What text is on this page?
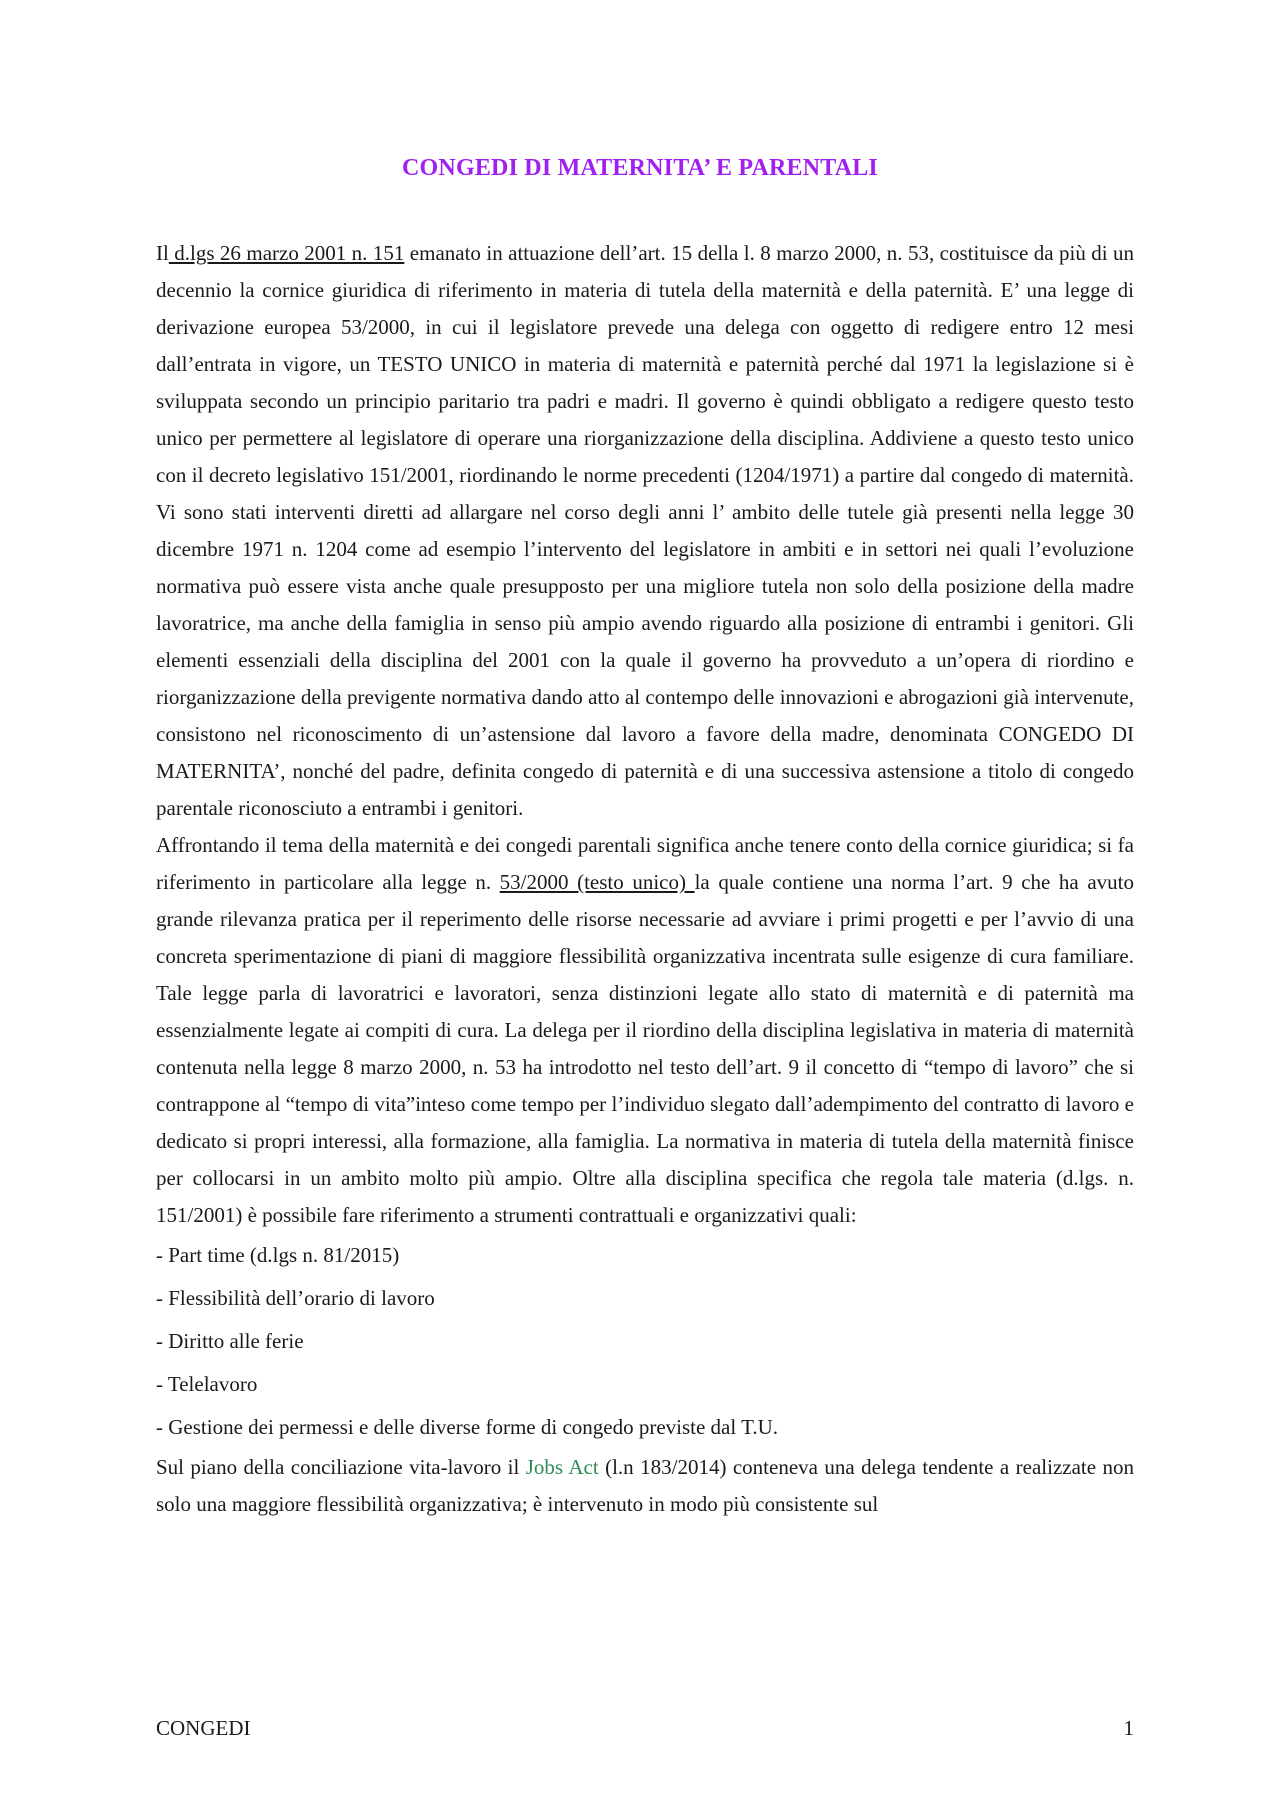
CONGEDI DI MATERNITA’ E PARENTALI

Il d.lgs 26 marzo 2001 n. 151 emanato in attuazione dell’art. 15 della l. 8 marzo 2000, n. 53, costituisce da più di un decennio la cornice giuridica di riferimento in materia di tutela della maternità e della paternità. E’ una legge di derivazione europea 53/2000, in cui il legislatore prevede una delega con oggetto di redigere entro 12 mesi dall’entrata in vigore, un TESTO UNICO in materia di maternità e paternità perché dal 1971 la legislazione si è sviluppata secondo un principio paritario tra padri e madri. Il governo è quindi obbligato a redigere questo testo unico per permettere al legislatore di operare una riorganizzazione della disciplina. Addiviene a questo testo unico con il decreto legislativo 151/2001, riordinando le norme precedenti (1204/1971) a partire dal congedo di maternità. Vi sono stati interventi diretti ad allargare nel corso degli anni l’ ambito delle tutele già presenti nella legge 30 dicembre 1971 n. 1204 come ad esempio l’intervento del legislatore in ambiti e in settori nei quali l’evoluzione normativa può essere vista anche quale presupposto per una migliore tutela non solo della posizione della madre lavoratrice, ma anche della famiglia in senso più ampio avendo riguardo alla posizione di entrambi i genitori. Gli elementi essenziali della disciplina del 2001 con la quale il governo ha provveduto a un’opera di riordino e riorganizzazione della previgente normativa dando atto al contempo delle innovazioni e abrogazioni già intervenute, consistono nel riconoscimento di un’astensione dal lavoro a favore della madre, denominata CONGEDO DI MATERNITA’, nonché del padre, definita congedo di paternità e di una successiva astensione a titolo di congedo parentale riconosciuto a entrambi i genitori.

Affrontando il tema della maternità e dei congedi parentali significa anche tenere conto della cornice giuridica; si fa riferimento in particolare alla legge n. 53/2000 (testo unico) la quale contiene una norma l’art. 9 che ha avuto grande rilevanza pratica per il reperimento delle risorse necessarie ad avviare i primi progetti e per l’avvio di una concreta sperimentazione di piani di maggiore flessibilità organizzativa incentrata sulle esigenze di cura familiare. Tale legge parla di lavoratrici e lavoratori, senza distinzioni legate allo stato di maternità e di paternità ma essenzialmente legate ai compiti di cura. La delega per il riordino della disciplina legislativa in materia di maternità contenuta nella legge 8 marzo 2000, n. 53 ha introdotto nel testo dell’art. 9 il concetto di “tempo di lavoro” che si contrappone al “tempo di vita”inteso come tempo per l’individuo slegato dall’adempimento del contratto di lavoro e dedicato si propri interessi, alla formazione, alla famiglia. La normativa in materia di tutela della maternità finisce per collocarsi in un ambito molto più ampio. Oltre alla disciplina specifica che regola tale materia (d.lgs. n. 151/2001) è possibile fare riferimento a strumenti contrattuali e organizzativi quali:

- Part time (d.lgs n. 81/2015)
- Flessibilità dell’orario di lavoro
- Diritto alle ferie
- Telelavoro
- Gestione dei permessi e delle diverse forme di congedo previste dal T.U.

Sul piano della conciliazione vita-lavoro il Jobs Act (l.n 183/2014) conteneva una delega tendente a realizzate non solo una maggiore flessibilità organizzativa; è intervenuto in modo più consistente sul

CONGEDI	1
